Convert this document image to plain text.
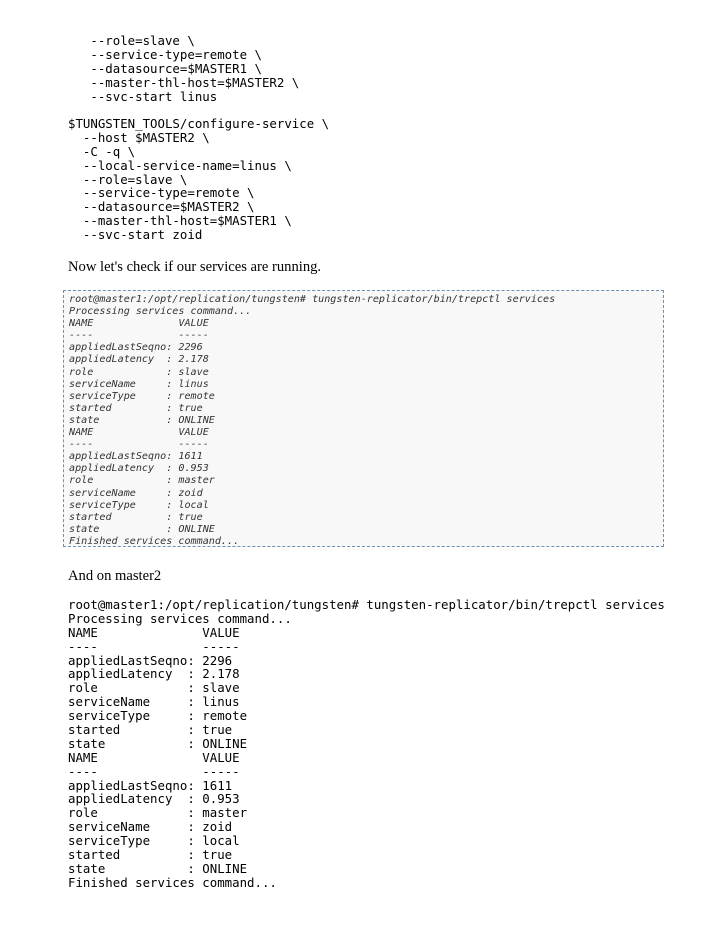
--role=slave \
--service-type=remote \
--datasource=$MASTER1 \
--master-thl-host=$MASTER2 \
--svc-start linus
$TUNGSTEN_TOOLS/configure-service \
--host $MASTER2 \
-C -q \
--local-service-name=linus \
--role=slave \
--service-type=remote \
--datasource=$MASTER2 \
--master-thl-host=$MASTER1 \
--svc-start zoid

Now let's check if our services are running.

root@master1:/opt/replication/tungsten# tungsten-replicator/bin/trepctl services
Processing services command...
NAME              VALUE
----              -----
appliedLastSeqno: 2296
appliedLatency  : 2.178
role            : slave
serviceName     : linus
serviceType     : remote
started         : true
state           : ONLINE
NAME              VALUE
----              -----
appliedLastSeqno: 1611
appliedLatency  : 0.953
role            : master
serviceName     : zoid
serviceType     : local
started         : true
state           : ONLINE
Finished services command...

And on master2

root@master1:/opt/replication/tungsten# tungsten-replicator/bin/trepctl services
Processing services command...
NAME              VALUE
----              -----
appliedLastSeqno: 2296
appliedLatency  : 2.178
role            : slave
serviceName     : linus
serviceType     : remote
started         : true
state           : ONLINE
NAME              VALUE
----              -----
appliedLastSeqno: 1611
appliedLatency  : 0.953
role            : master
serviceName     : zoid
serviceType     : local
started         : true
state           : ONLINE
Finished services command...
